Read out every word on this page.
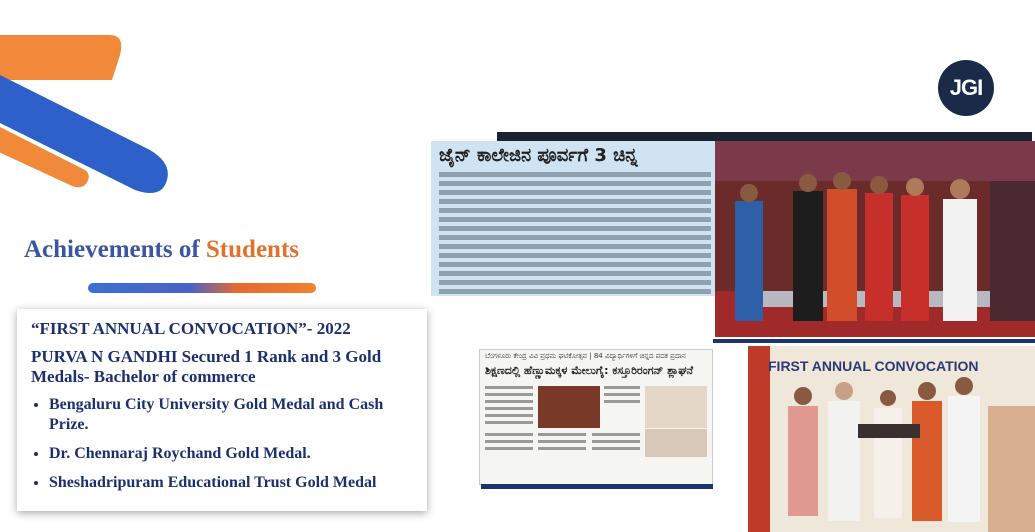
JGI
Achievements of Students
“FIRST ANNUAL CONVOCATION”- 2022
PURVA N GANDHI Secured 1 Rank and 3 Gold Medals- Bachelor of commerce
• Bengaluru City University Gold Medal and Cash Prize.
• Dr. Chennaraj Roychand Gold Medal.
• Sheshadripuram Educational Trust Gold Medal
ಜೈನ್ ಕಾಲೇಜಿನ ಪೂರ್ವಗೆ 3 ಚಿನ್ನ
ಬೆಂಗಳೂರು ಕೇಂದ್ರ ವಿವಿ ಪ್ರಥಮ ಘಟಿಕೋತ್ಸವ | 84 ವಿದ್ಯಾರ್ಥಿಗಳಿಗೆ ಚಿನ್ನದ ಪದಕ ಪ್ರದಾನ
ಶಿಕ್ಷಣದಲ್ಲಿ ಹೆಣ್ಣುಮಕ್ಕಳ ಮೇಲುಗೈ: ಕಸ್ತೂರಿರಂಗನ್ ಶ್ಲಾಘನೆ	FIRST ANNUAL CONVOCATION
